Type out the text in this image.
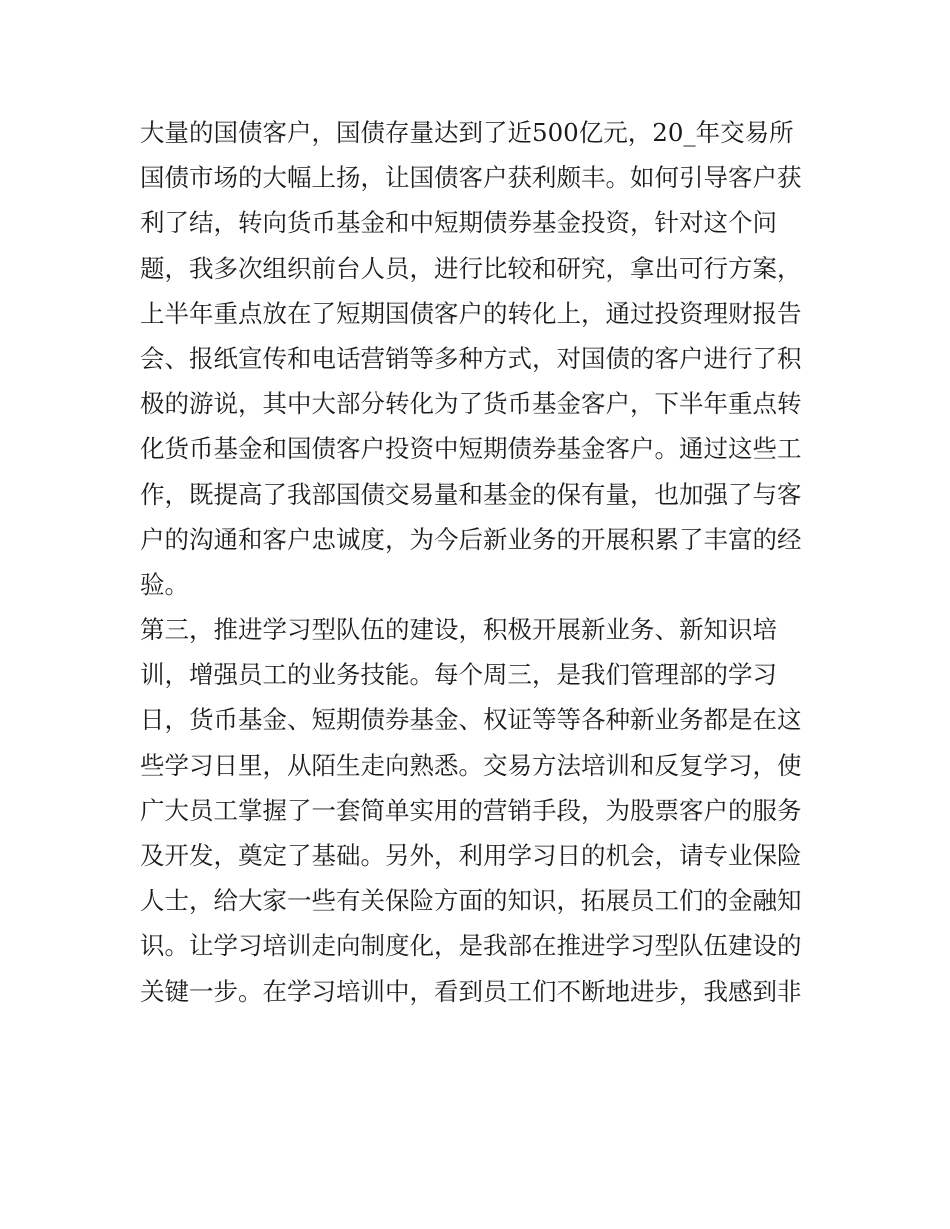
大量的国债客户，国债存量达到了近500亿元，20_年交易所
国债市场的大幅上扬，让国债客户获利颇丰。如何引导客户获
利了结，转向货币基金和中短期债券基金投资，针对这个问
题，我多次组织前台人员，进行比较和研究，拿出可行方案，
上半年重点放在了短期国债客户的转化上，通过投资理财报告
会、报纸宣传和电话营销等多种方式，对国债的客户进行了积
极的游说，其中大部分转化为了货币基金客户，下半年重点转
化货币基金和国债客户投资中短期债券基金客户。通过这些工
作，既提高了我部国债交易量和基金的保有量，也加强了与客
户的沟通和客户忠诚度，为今后新业务的开展积累了丰富的经
验。
第三，推进学习型队伍的建设，积极开展新业务、新知识培
训，增强员工的业务技能。每个周三，是我们管理部的学习
日，货币基金、短期债券基金、权证等等各种新业务都是在这
些学习日里，从陌生走向熟悉。交易方法培训和反复学习，使
广大员工掌握了一套简单实用的营销手段，为股票客户的服务
及开发，奠定了基础。另外，利用学习日的机会，请专业保险
人士，给大家一些有关保险方面的知识，拓展员工们的金融知
识。让学习培训走向制度化，是我部在推进学习型队伍建设的
关键一步。在学习培训中，看到员工们不断地进步，我感到非
